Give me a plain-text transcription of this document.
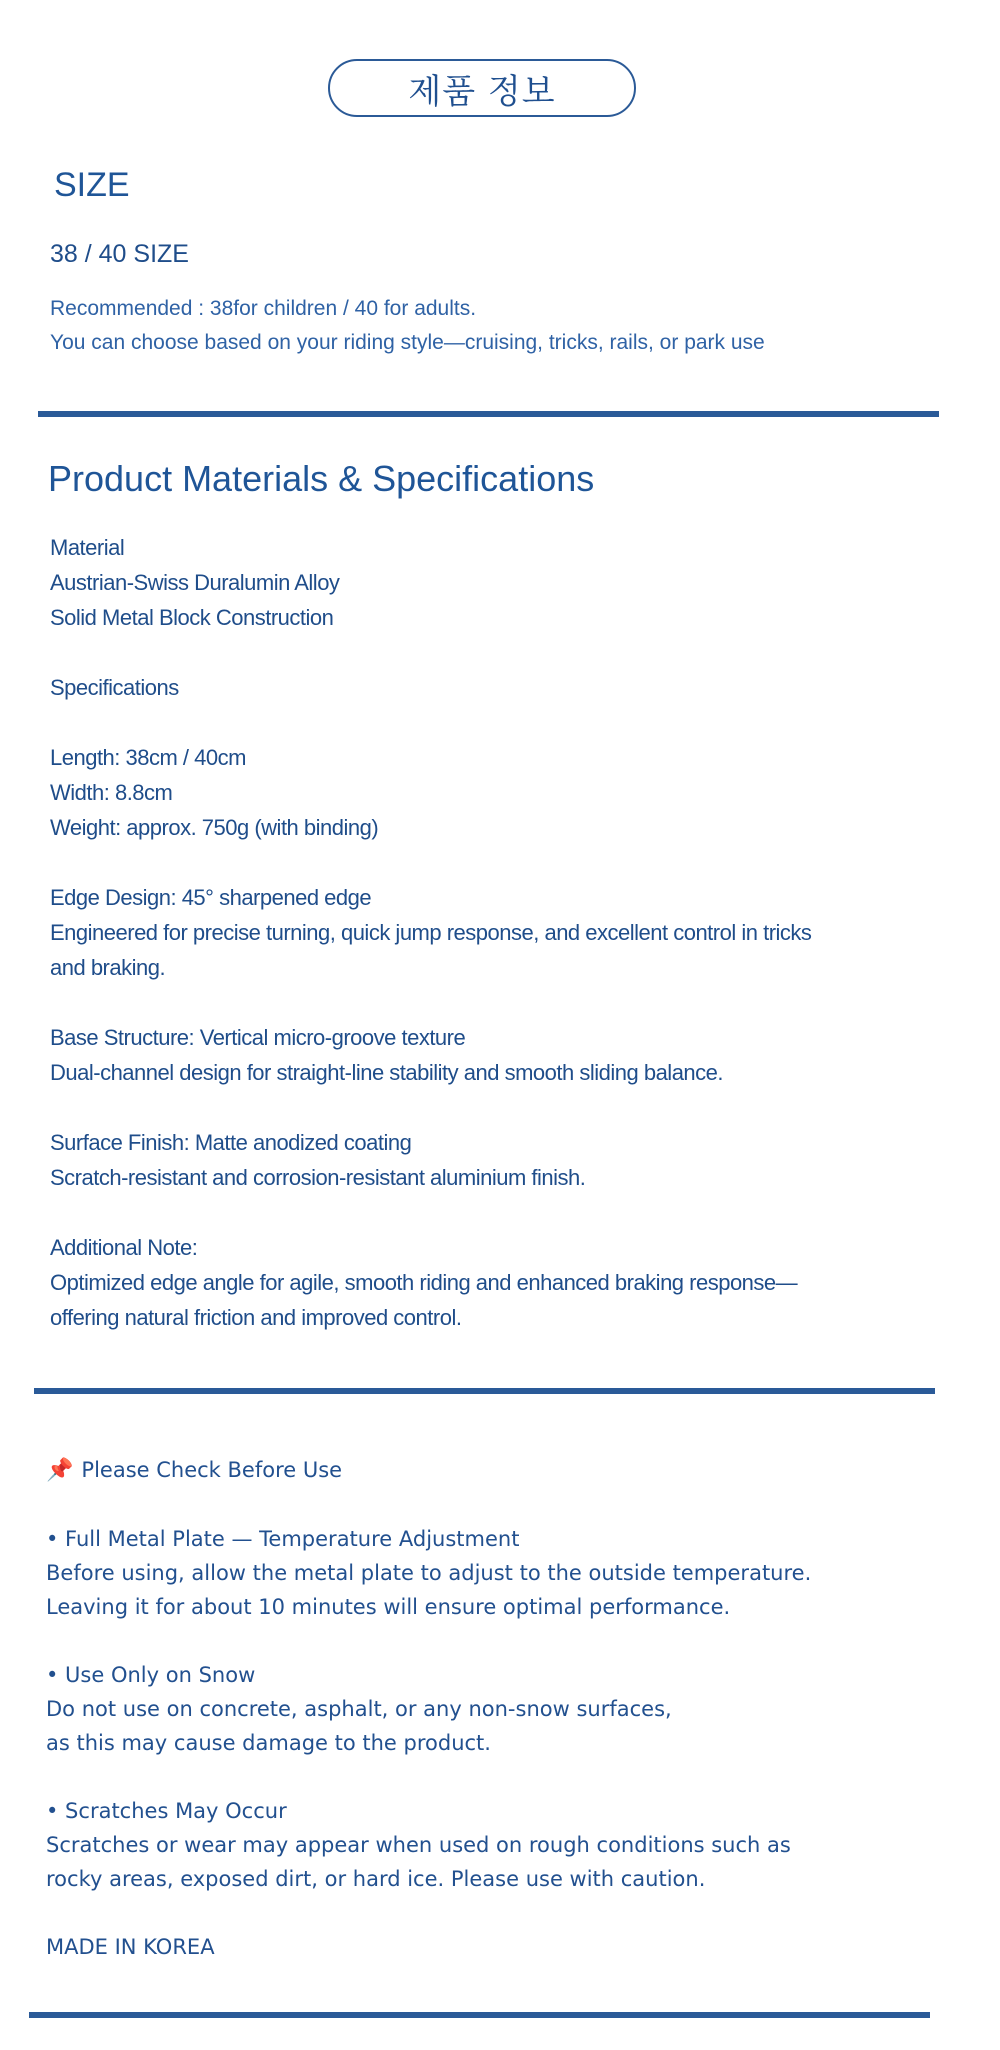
제품 정보
SIZE
38 / 40 SIZE
Recommended : 38for children / 40 for adults.
You can choose based on your riding style—cruising, tricks, rails, or park use
Product Materials & Specifications
Material
Austrian-Swiss Duralumin Alloy
Solid Metal Block Construction
Specifications
Length: 38cm / 40cm
Width: 8.8cm
Weight: approx. 750g (with binding)
Edge Design: 45° sharpened edge
Engineered for precise turning, quick jump response, and excellent control in tricks
and braking.
Base Structure: Vertical micro-groove texture
Dual-channel design for straight-line stability and smooth sliding balance.
Surface Finish: Matte anodized coating
Scratch-resistant and corrosion-resistant aluminium finish.
Additional Note:
Optimized edge angle for agile, smooth riding and enhanced braking response—
offering natural friction and improved control.
📌 Please Check Before Use
• Full Metal Plate — Temperature Adjustment
Before using, allow the metal plate to adjust to the outside temperature.
Leaving it for about 10 minutes will ensure optimal performance.
• Use Only on Snow
Do not use on concrete, asphalt, or any non-snow surfaces,
as this may cause damage to the product.
• Scratches May Occur
Scratches or wear may appear when used on rough conditions such as
rocky areas, exposed dirt, or hard ice. Please use with caution.
MADE IN KOREA
